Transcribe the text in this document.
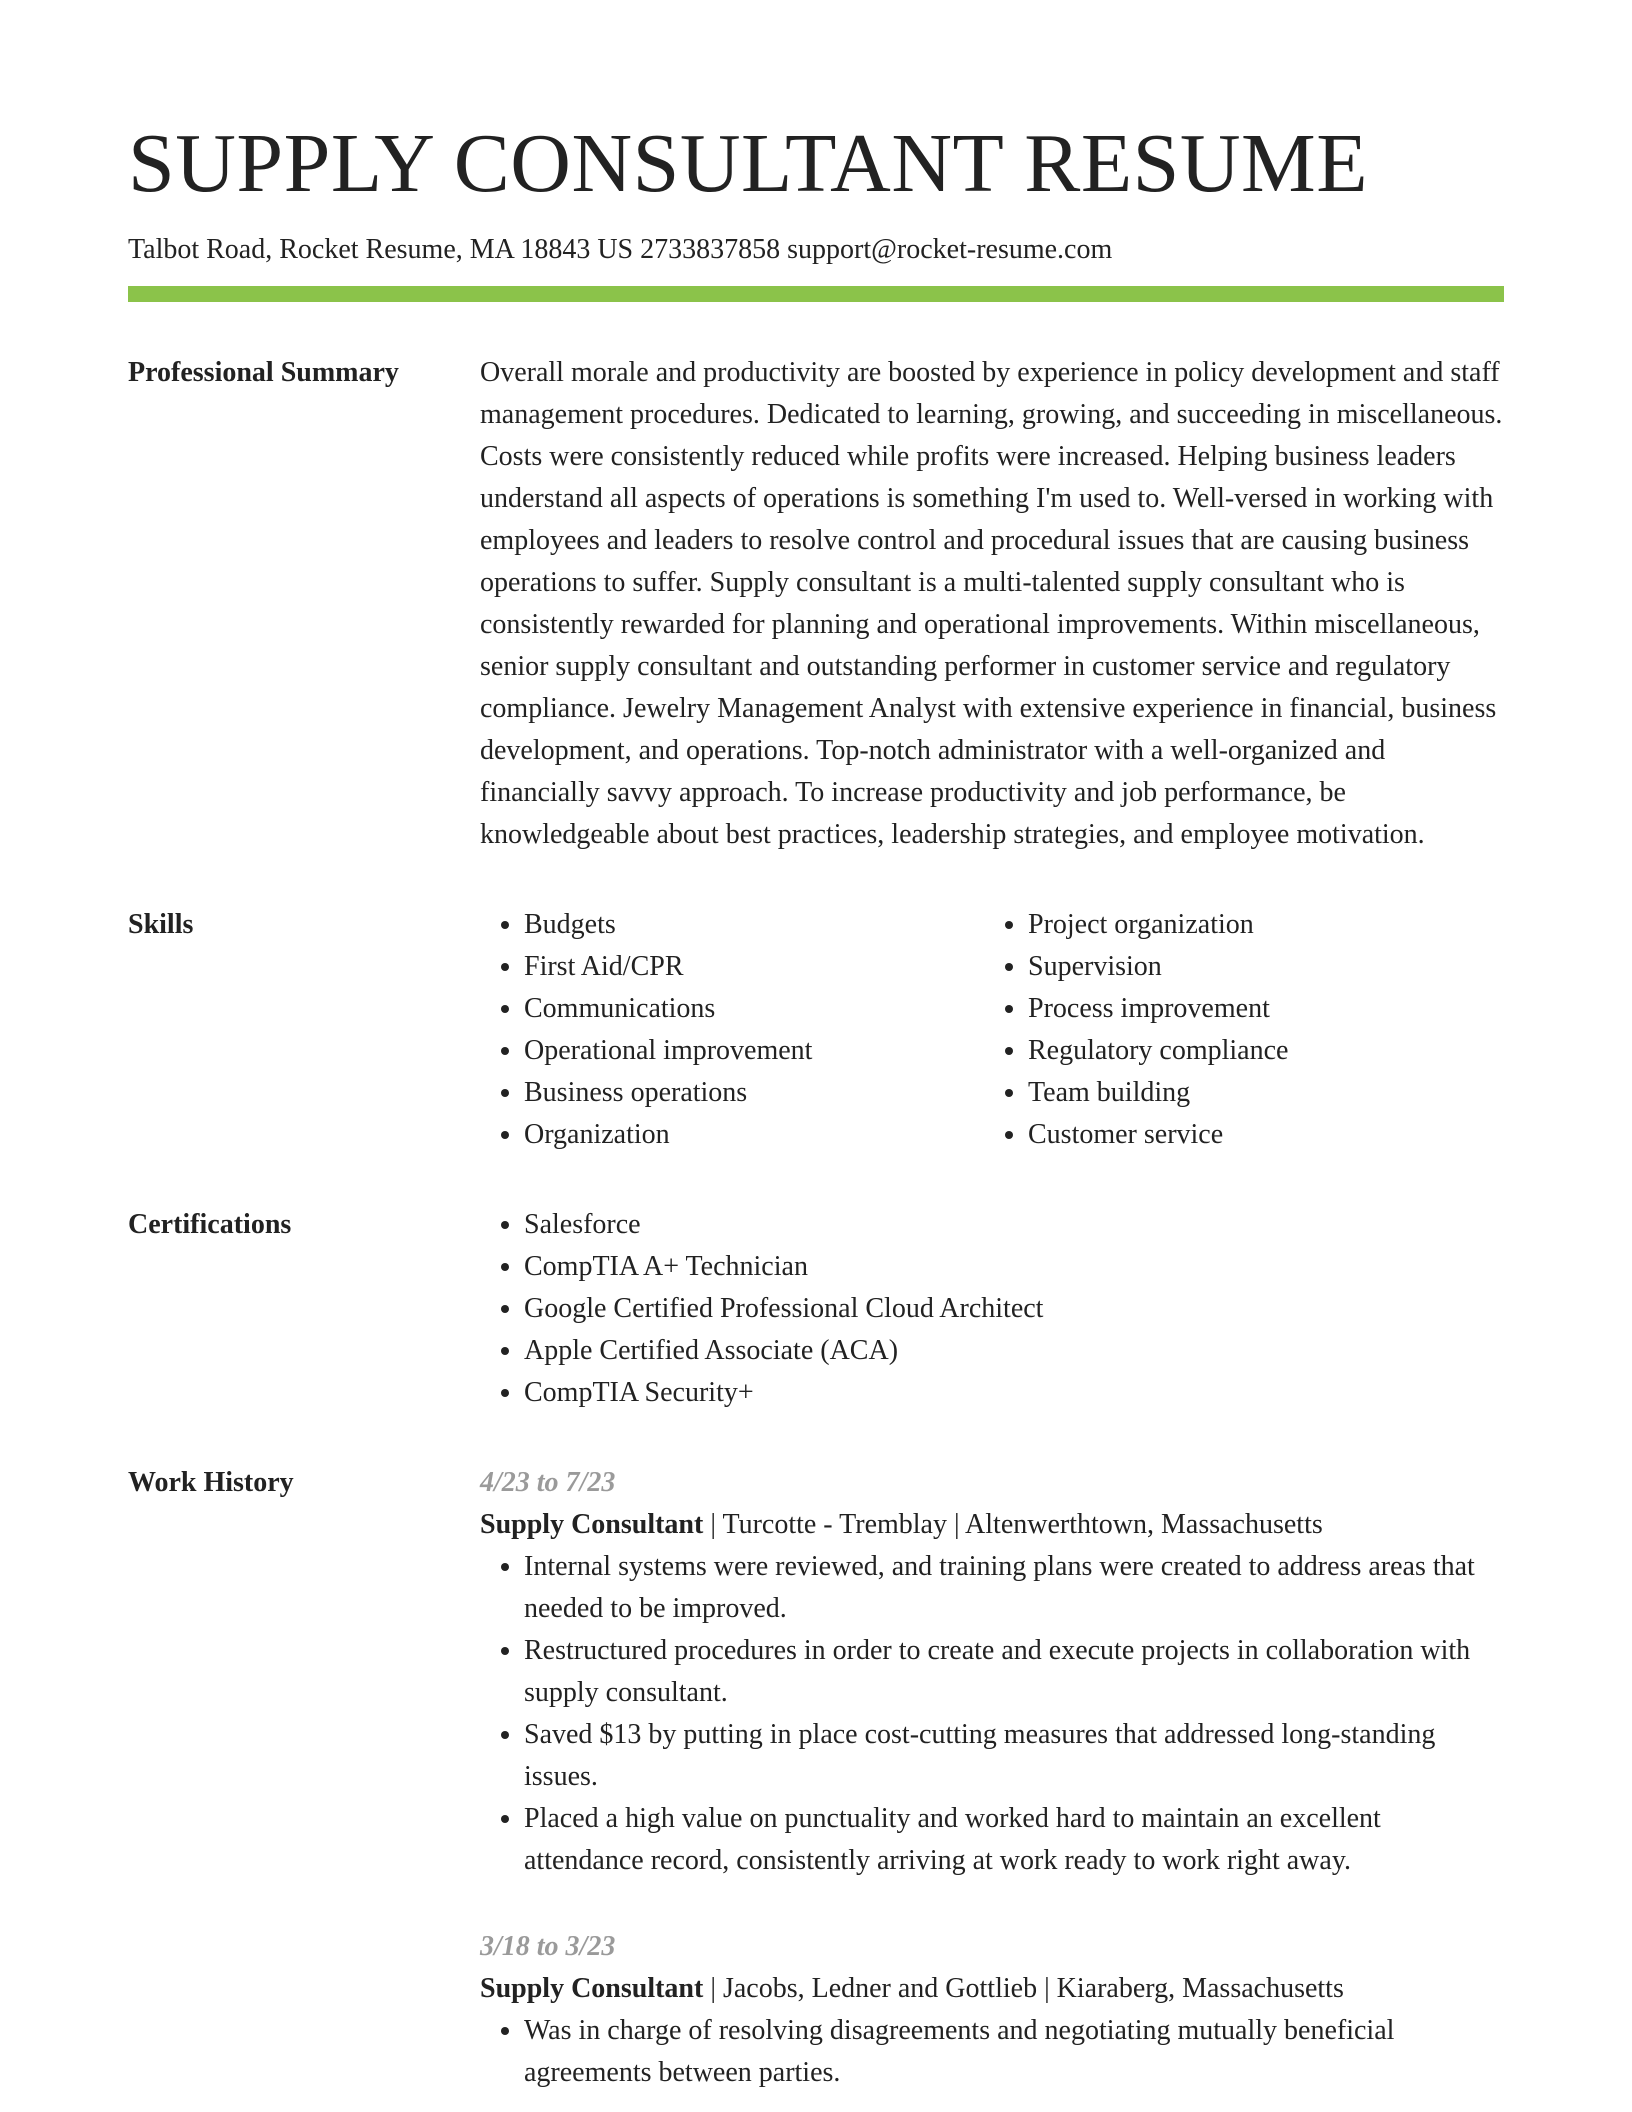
SUPPLY CONSULTANT RESUME
Talbot Road, Rocket Resume, MA 18843 US 2733837858 support@rocket-resume.com
Professional Summary	Overall morale and productivity are boosted by experience in policy development and staff management procedures. Dedicated to learning, growing, and succeeding in miscellaneous. Costs were consistently reduced while profits were increased. Helping business leaders understand all aspects of operations is something I'm used to. Well-versed in working with employees and leaders to resolve control and procedural issues that are causing business operations to suffer. Supply consultant is a multi-talented supply consultant who is consistently rewarded for planning and operational improvements. Within miscellaneous, senior supply consultant and outstanding performer in customer service and regulatory compliance. Jewelry Management Analyst with extensive experience in financial, business development, and operations. Top-notch administrator with a well-organized and financially savvy approach. To increase productivity and job performance, be knowledgeable about best practices, leadership strategies, and employee motivation.

Skills	• Budgets
• First Aid/CPR
• Communications
• Operational improvement
• Business operations
• Organization
• Project organization
• Supervision
• Process improvement
• Regulatory compliance
• Team building
• Customer service
Certifications	• Salesforce
• CompTIA A+ Technician
• Google Certified Professional Cloud Architect
• Apple Certified Associate (ACA)
• CompTIA Security+
Work History	4/23 to 7/23
Supply Consultant | Turcotte - Tremblay | Altenwerthtown, Massachusetts
• Internal systems were reviewed, and training plans were created to address areas that needed to be improved.
• Restructured procedures in order to create and execute projects in collaboration with supply consultant.
• Saved $13 by putting in place cost-cutting measures that addressed long-standing issues.
• Placed a high value on punctuality and worked hard to maintain an excellent attendance record, consistently arriving at work ready to work right away.
3/18 to 3/23
Supply Consultant | Jacobs, Ledner and Gottlieb | Kiaraberg, Massachusetts
• Was in charge of resolving disagreements and negotiating mutually beneficial agreements between parties.
